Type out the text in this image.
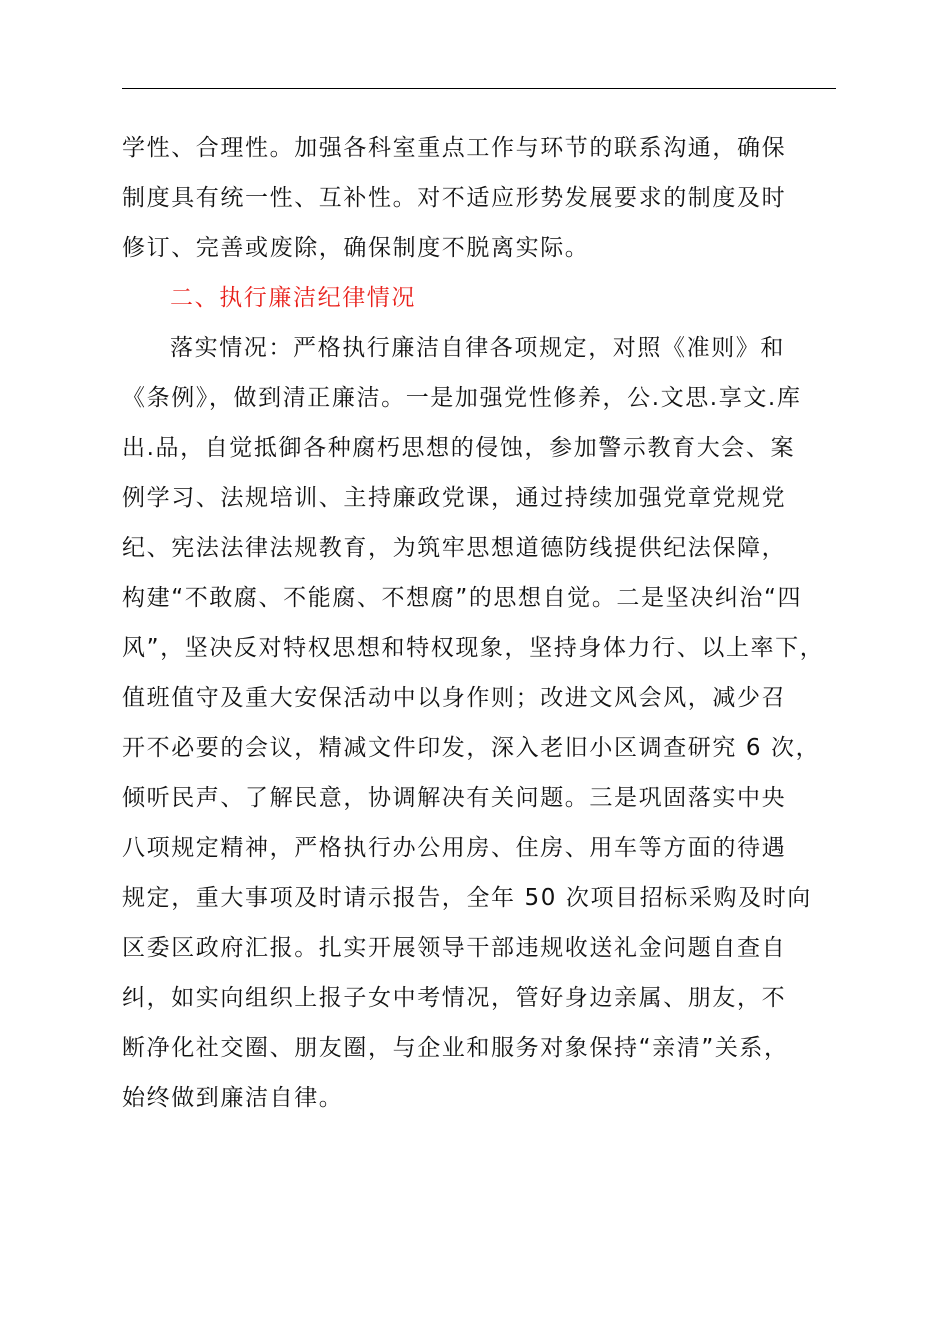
学性、合理性。加强各科室重点工作与环节的联系沟通，确保
制度具有统一性、互补性。对不适应形势发展要求的制度及时
修订、完善或废除，确保制度不脱离实际。
二、执行廉洁纪律情况
落实情况：严格执行廉洁自律各项规定，对照《准则》和
《条例》，做到清正廉洁。一是加强党性修养，公.文思.享文.库
出.品，自觉抵御各种腐朽思想的侵蚀，参加警示教育大会、案
例学习、法规培训、主持廉政党课，通过持续加强党章党规党
纪、宪法法律法规教育，为筑牢思想道德防线提供纪法保障，
构建“不敢腐、不能腐、不想腐”的思想自觉。二是坚决纠治“四
风”，坚决反对特权思想和特权现象，坚持身体力行、以上率下，
值班值守及重大安保活动中以身作则；改进文风会风，减少召
开不必要的会议，精减文件印发，深入老旧小区调查研究 6 次，
倾听民声、了解民意，协调解决有关问题。三是巩固落实中央
八项规定精神，严格执行办公用房、住房、用车等方面的待遇
规定，重大事项及时请示报告，全年 50 次项目招标采购及时向
区委区政府汇报。扎实开展领导干部违规收送礼金问题自查自
纠，如实向组织上报子女中考情况，管好身边亲属、朋友，不
断净化社交圈、朋友圈，与企业和服务对象保持“亲清”关系，
始终做到廉洁自律。
